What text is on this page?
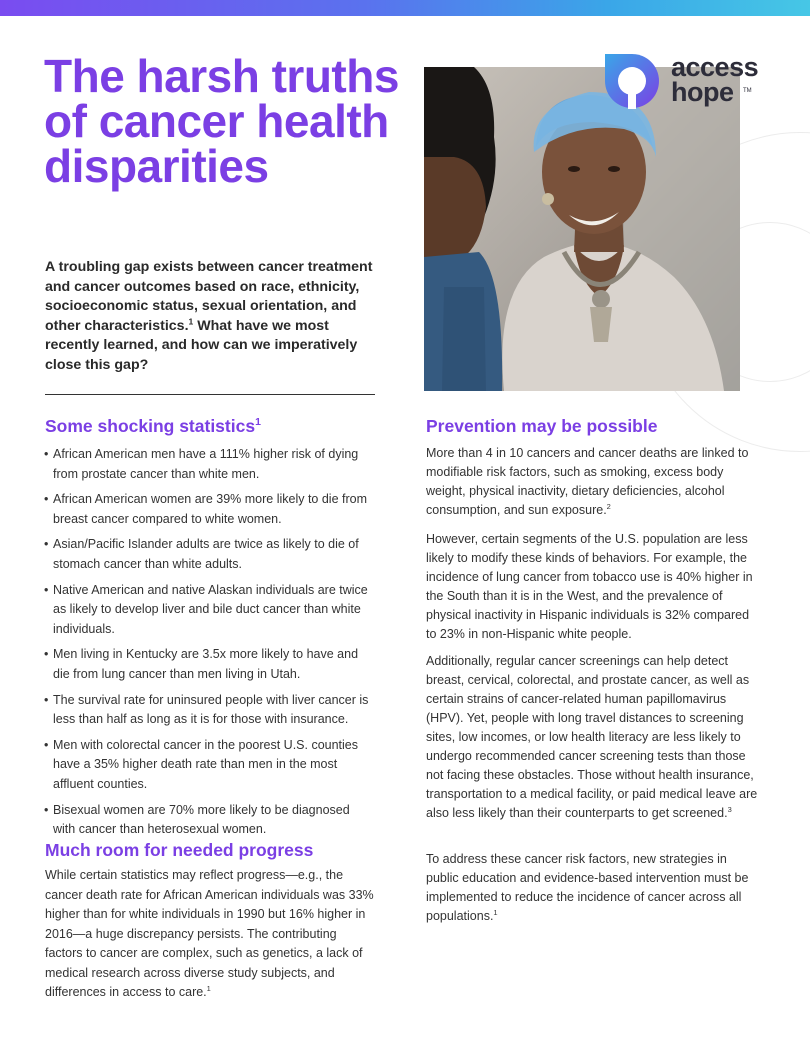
The harsh truths of cancer health disparities

A troubling gap exists between cancer treatment and cancer outcomes based on race, ethnicity, socioeconomic status, sexual orientation, and other characteristics.$^1$ What have we most recently learned, and how can we imperatively close this gap?

access
hope	TM
Some shocking statistics$^1$
• African American men have a 111% higher risk of dying from prostate cancer than white men.
• African American women are 39% more likely to die from breast cancer compared to white women.
• Asian/Pacific Islander adults are twice as likely to die of stomach cancer than white adults.
• Native American and native Alaskan individuals are twice as likely to develop liver and bile duct cancer than white individuals.
• Men living in Kentucky are 3.5x more likely to have and die from lung cancer than men living in Utah.
• The survival rate for uninsured people with liver cancer is less than half as long as it is for those with insurance.
• Men with colorectal cancer in the poorest U.S. counties have a 35% higher death rate than men in the most affluent counties.
• Bisexual women are 70% more likely to be diagnosed with cancer than heterosexual women.
Much room for needed progress

While certain statistics may reflect progress—e.g., the cancer death rate for African American individuals was 33% higher than for white individuals in 1990 but 16% higher in 2016—a huge discrepancy persists. The contributing factors to cancer are complex, such as genetics, a lack of medical research across diverse study subjects, and differences in access to care.$^1$

Prevention may be possible

More than 4 in 10 cancers and cancer deaths are linked to modifiable risk factors, such as smoking, excess body weight, physical inactivity, dietary deficiencies, alcohol consumption, and sun exposure.$^2$

However, certain segments of the U.S. population are less likely to modify these kinds of behaviors. For example, the incidence of lung cancer from tobacco use is 40% higher in the South than it is in the West, and the prevalence of physical inactivity in Hispanic individuals is 32% compared to 23% in non-Hispanic white people.

Additionally, regular cancer screenings can help detect breast, cervical, colorectal, and prostate cancer, as well as certain strains of cancer-related human papillomavirus (HPV). Yet, people with long travel distances to screening sites, low incomes, or low health literacy are less likely to undergo recommended cancer screening tests than those not facing these obstacles. Those without health insurance, transportation to a medical facility, or paid medical leave are also less likely than their counterparts to get screened.$^3$

To address these cancer risk factors, new strategies in public education and evidence-based intervention must be implemented to reduce the incidence of cancer across all populations.$^1$
